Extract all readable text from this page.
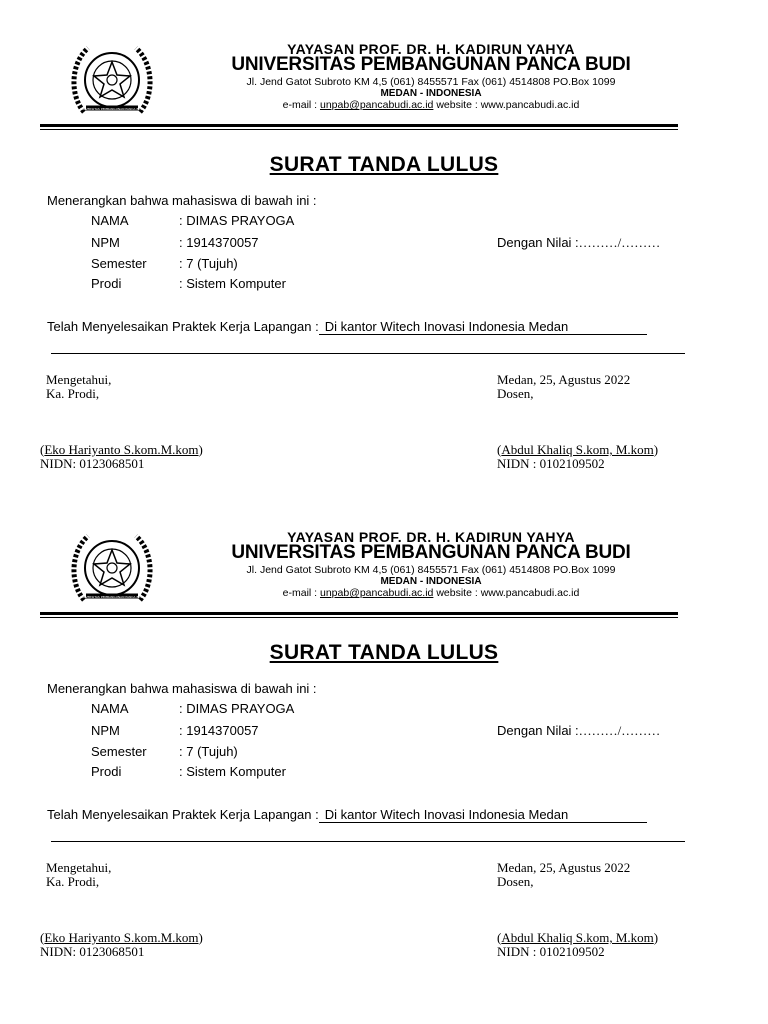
UNIVERSITAS PEMBANGUNAN PANCA BUDI
YAYASAN PROF. DR. H. KADIRUN YAHYA
UNIVERSITAS PEMBANGUNAN PANCA BUDI
Jl. Jend Gatot Subroto KM 4,5 (061) 8455571 Fax (061) 4514808 PO.Box 1099
MEDAN - INDONESIA
e-mail : unpab@pancabudi.ac.id website : www.pancabudi.ac.id
SURAT TANDA LULUS
Menerangkan bahwa mahasiswa di bawah ini :
NAMA	: DIMAS PRAYOGA
NPM	: 1914370057
Semester : 7 (Tujuh)
Prodi	: Sistem Komputer
Dengan Nilai :………/………
Telah Menyelesaikan Praktek Kerja Lapangan : Di kantor Witech Inovasi Indonesia Medan
Mengetahui,
Ka. Prodi,
Medan, 25, Agustus 2022
Dosen,
(Eko Hariyanto S.kom.M.kom)
NIDN: 0123068501
(Abdul Khaliq S.kom, M.kom)
NIDN : 0102109502
UNIVERSITAS PEMBANGUNAN PANCA BUDI
YAYASAN PROF. DR. H. KADIRUN YAHYA
UNIVERSITAS PEMBANGUNAN PANCA BUDI
Jl. Jend Gatot Subroto KM 4,5 (061) 8455571 Fax (061) 4514808 PO.Box 1099
MEDAN - INDONESIA
e-mail : unpab@pancabudi.ac.id website : www.pancabudi.ac.id
SURAT TANDA LULUS
Menerangkan bahwa mahasiswa di bawah ini :
NAMA	: DIMAS PRAYOGA
NPM	: 1914370057
Semester : 7 (Tujuh)
Prodi	: Sistem Komputer
Dengan Nilai :………/………
Telah Menyelesaikan Praktek Kerja Lapangan : Di kantor Witech Inovasi Indonesia Medan
Mengetahui,
Ka. Prodi,
Medan, 25, Agustus 2022
Dosen,
(Eko Hariyanto S.kom.M.kom)
NIDN: 0123068501
(Abdul Khaliq S.kom, M.kom)
NIDN : 0102109502
